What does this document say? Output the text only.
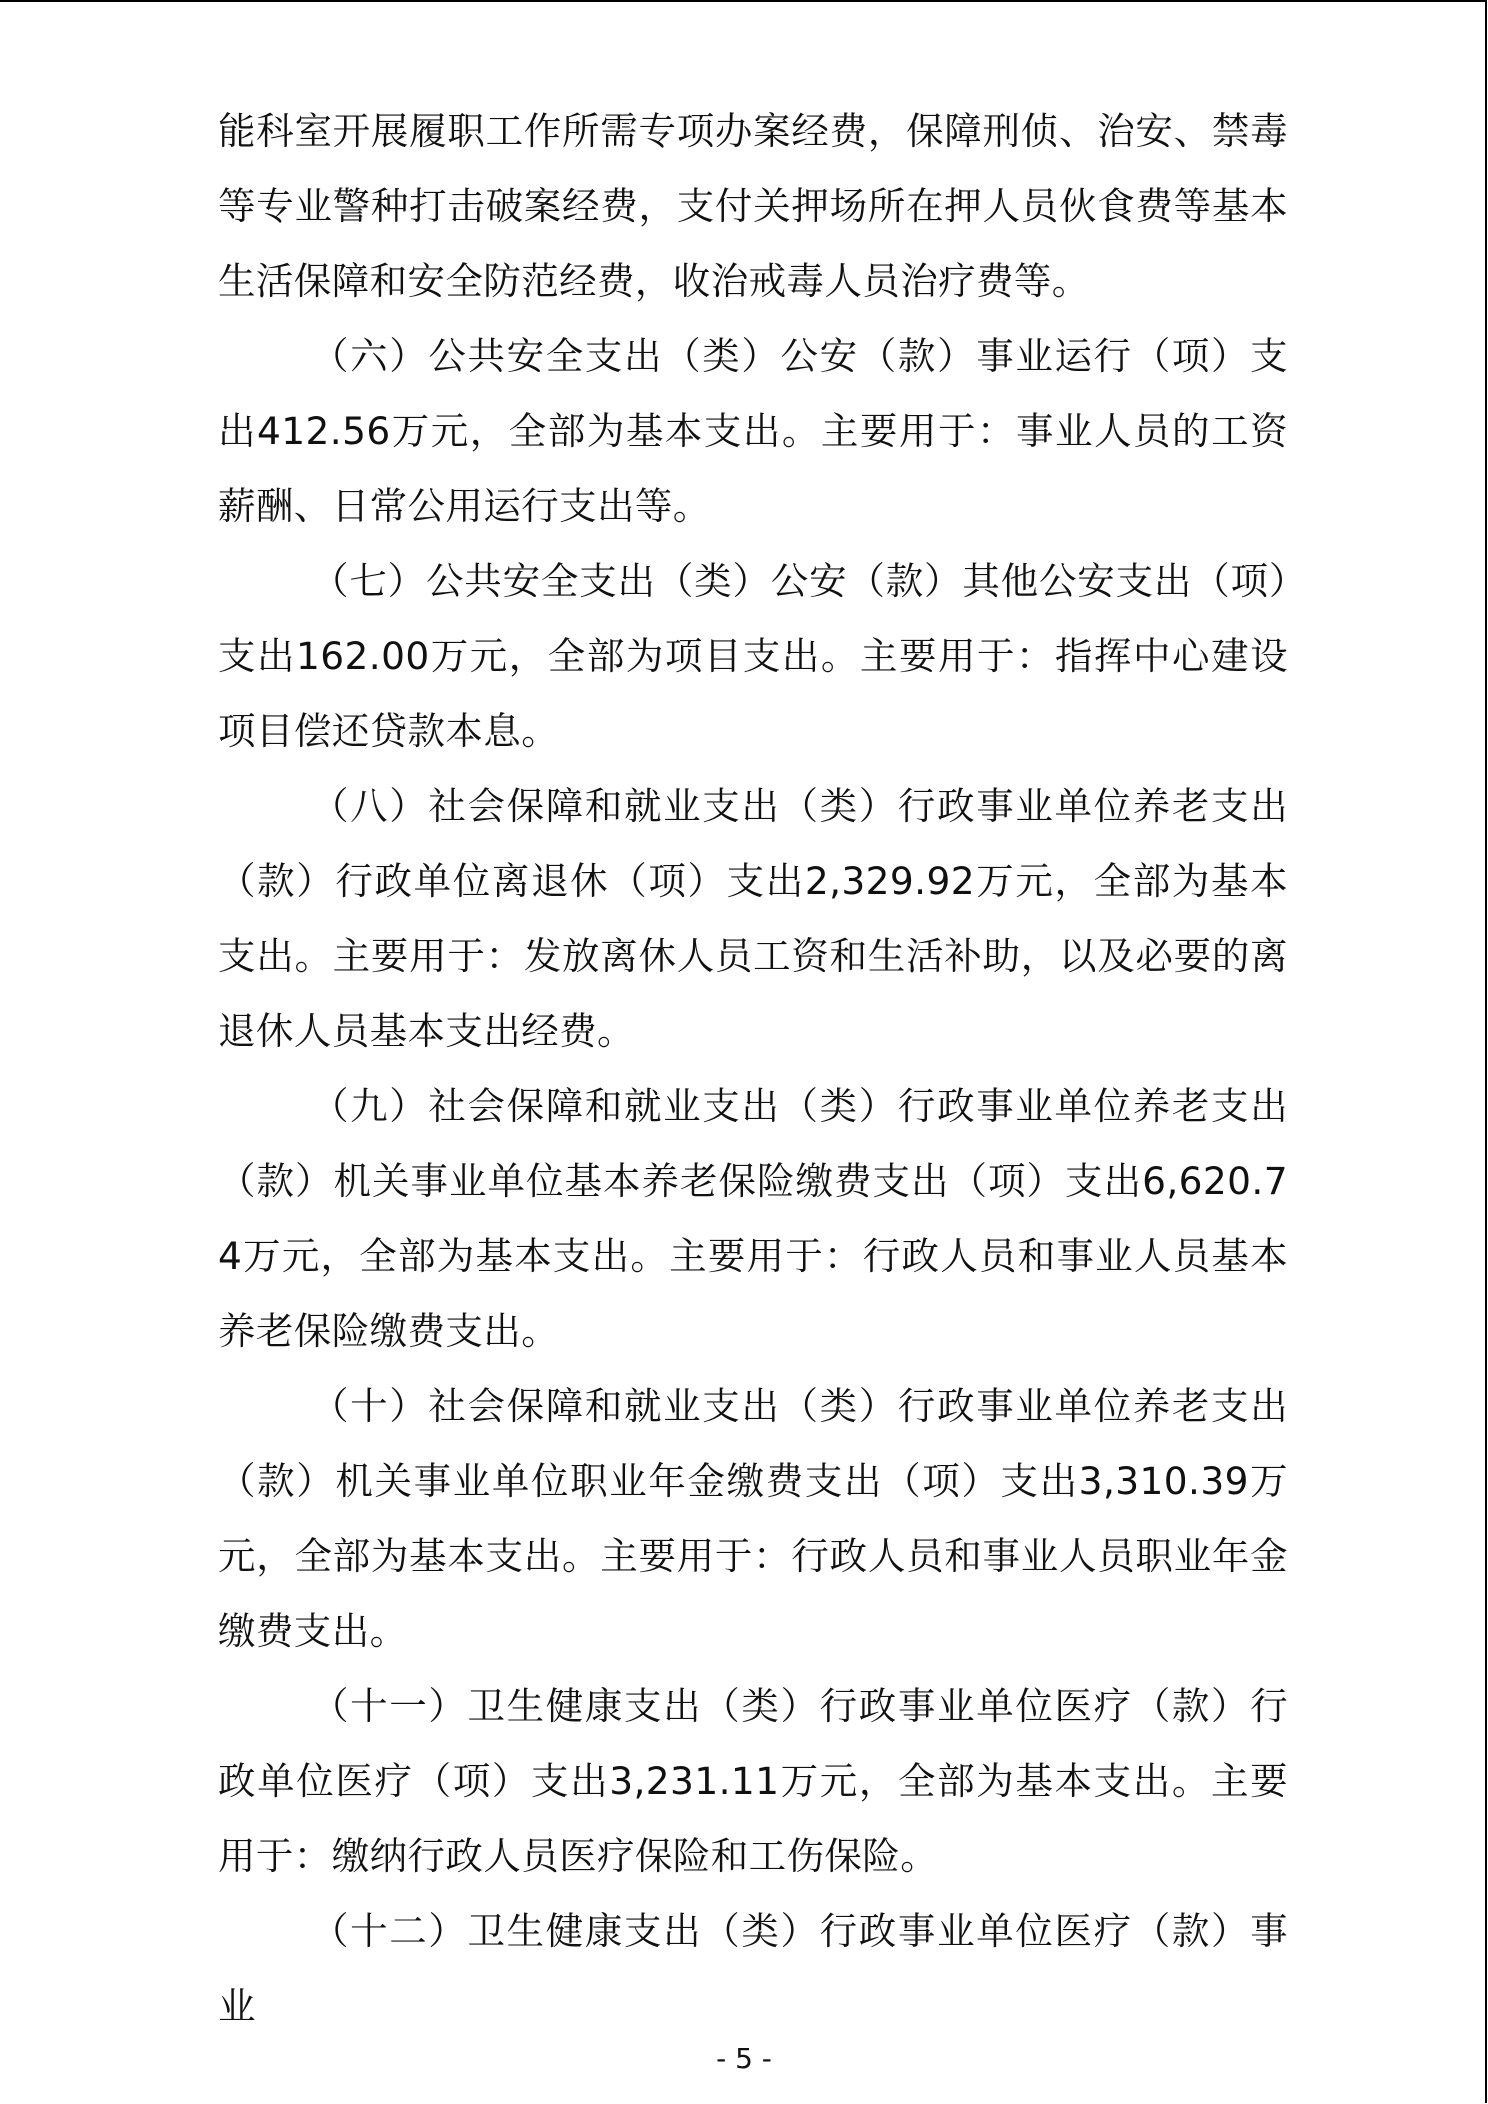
能科室开展履职工作所需专项办案经费，保障刑侦、治安、禁毒等专业警种打击破案经费，支付关押场所在押人员伙食费等基本生活保障和安全防范经费，收治戒毒人员治疗费等。

（六）公共安全支出（类）公安（款）事业运行（项）支出412.56万元，全部为基本支出。主要用于：事业人员的工资薪酬、日常公用运行支出等。

（七）公共安全支出（类）公安（款）其他公安支出（项）支出162.00万元，全部为项目支出。主要用于：指挥中心建设项目偿还贷款本息。

（八）社会保障和就业支出（类）行政事业单位养老支出（款）行政单位离退休（项）支出2,329.92万元，全部为基本支出。主要用于：发放离休人员工资和生活补助，以及必要的离退休人员基本支出经费。

（九）社会保障和就业支出（类）行政事业单位养老支出（款）机关事业单位基本养老保险缴费支出（项）支出6,620.74万元，全部为基本支出。主要用于：行政人员和事业人员基本养老保险缴费支出。

（十）社会保障和就业支出（类）行政事业单位养老支出（款）机关事业单位职业年金缴费支出（项）支出3,310.39万元，全部为基本支出。主要用于：行政人员和事业人员职业年金缴费支出。

（十一）卫生健康支出（类）行政事业单位医疗（款）行政单位医疗（项）支出3,231.11万元，全部为基本支出。主要用于：缴纳行政人员医疗保险和工伤保险。

（十二）卫生健康支出（类）行政事业单位医疗（款）事业

- 5 -
